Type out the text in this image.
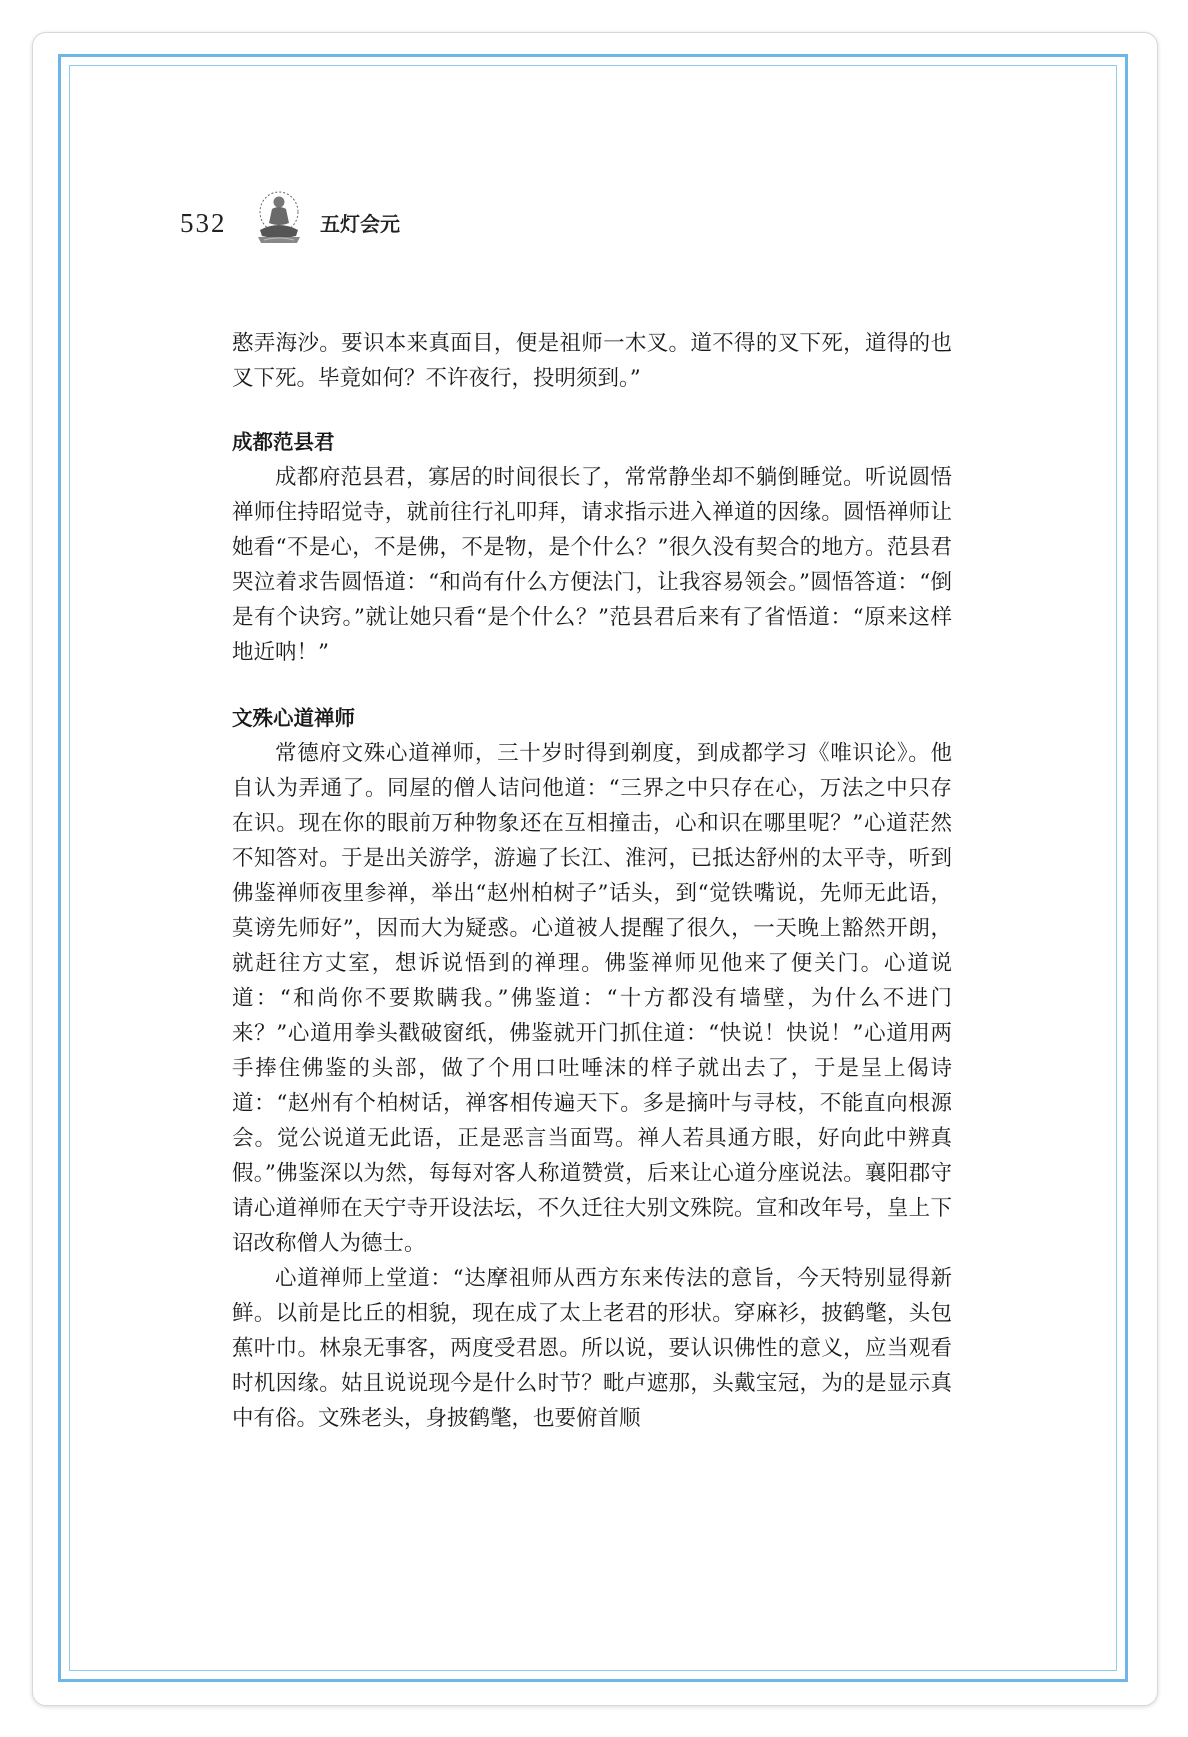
532	五灯会元

憨弄海沙。要识本来真面目，便是祖师一木叉。道不得的叉下死，道得的也叉下死。毕竟如何？不许夜行，投明须到。”

成都范县君

成都府范县君，寡居的时间很长了，常常静坐却不躺倒睡觉。听说圆悟禅师住持昭觉寺，就前往行礼叩拜，请求指示进入禅道的因缘。圆悟禅师让她看“不是心，不是佛，不是物，是个什么？”很久没有契合的地方。范县君哭泣着求告圆悟道：“和尚有什么方便法门，让我容易领会。”圆悟答道：“倒是有个诀窍。”就让她只看“是个什么？”范县君后来有了省悟道：“原来这样地近呐！”

文殊心道禅师

常德府文殊心道禅师，三十岁时得到剃度，到成都学习《唯识论》。他自认为弄通了。同屋的僧人诘问他道：“三界之中只存在心，万法之中只存在识。现在你的眼前万种物象还在互相撞击，心和识在哪里呢？”心道茫然不知答对。于是出关游学，游遍了长江、淮河，已抵达舒州的太平寺，听到佛鉴禅师夜里参禅，举出“赵州柏树子”话头，到“觉铁嘴说，先师无此语，莫谤先师好”，因而大为疑惑。心道被人提醒了很久，一天晚上豁然开朗，就赶往方丈室，想诉说悟到的禅理。佛鉴禅师见他来了便关门。心道说道：“和尚你不要欺瞒我。”佛鉴道：“十方都没有墙壁，为什么不进门来？”心道用拳头戳破窗纸，佛鉴就开门抓住道：“快说！快说！”心道用两手捧住佛鉴的头部，做了个用口吐唾沫的样子就出去了，于是呈上偈诗道：“赵州有个柏树话，禅客相传遍天下。多是摘叶与寻枝，不能直向根源会。觉公说道无此语，正是恶言当面骂。禅人若具通方眼，好向此中辨真假。”佛鉴深以为然，每每对客人称道赞赏，后来让心道分座说法。襄阳郡守请心道禅师在天宁寺开设法坛，不久迁往大别文殊院。宣和改年号，皇上下诏改称僧人为德士。

心道禅师上堂道：“达摩祖师从西方东来传法的意旨，今天特别显得新鲜。以前是比丘的相貌，现在成了太上老君的形状。穿麻衫，披鹤氅，头包蕉叶巾。林泉无事客，两度受君恩。所以说，要认识佛性的意义，应当观看时机因缘。姑且说说现今是什么时节？毗卢遮那，头戴宝冠，为的是显示真中有俗。文殊老头，身披鹤氅，也要俯首顺
